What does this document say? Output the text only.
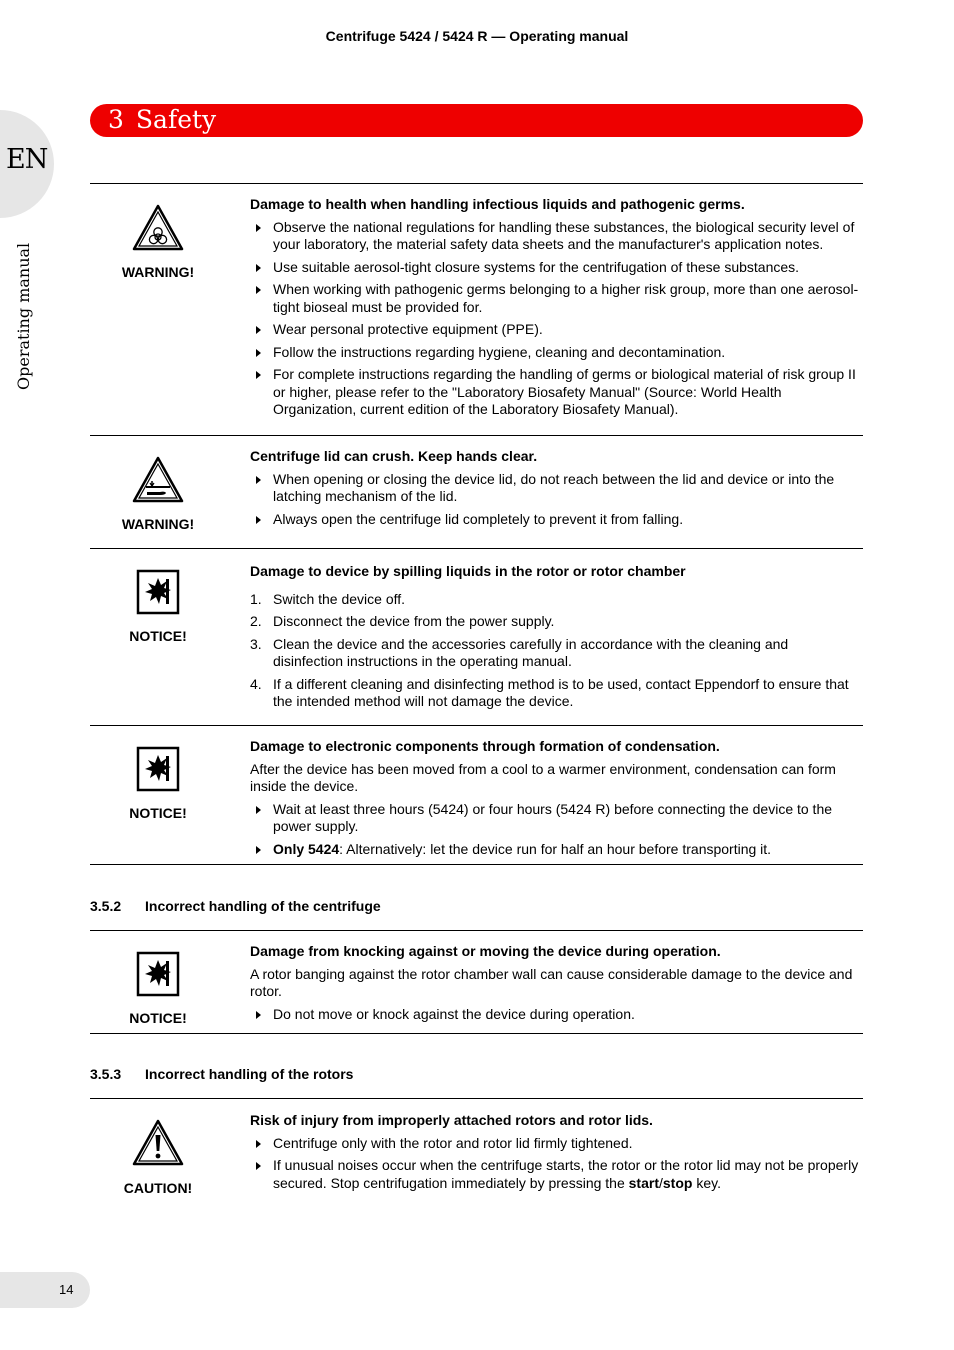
Centrifuge 5424 / 5424 R — Operating manual
EN
Operating manual
3 Safety
WARNING!
Damage to health when handling infectious liquids and pathogenic germs.
Observe the national regulations for handling these substances, the biological security level of your laboratory, the material safety data sheets and the manufacturer's application notes.
Use suitable aerosol-tight closure systems for the centrifugation of these substances.
When working with pathogenic germs belonging to a higher risk group, more than one aerosol-tight bioseal must be provided for.
Wear personal protective equipment (PPE).
Follow the instructions regarding hygiene, cleaning and decontamination.
For complete instructions regarding the handling of germs or biological material of risk group II or higher, please refer to the "Laboratory Biosafety Manual" (Source: World Health Organization, current edition of the Laboratory Biosafety Manual).
WARNING!
Centrifuge lid can crush. Keep hands clear.
When opening or closing the device lid, do not reach between the lid and device or into the latching mechanism of the lid.
Always open the centrifuge lid completely to prevent it from falling.
NOTICE!
Damage to device by spilling liquids in the rotor or rotor chamber
1. Switch the device off.
2. Disconnect the device from the power supply.
3. Clean the device and the accessories carefully in accordance with the cleaning and disinfection instructions in the operating manual.
4. If a different cleaning and disinfecting method is to be used, contact Eppendorf to ensure that the intended method will not damage the device.
NOTICE!
Damage to electronic components through formation of condensation.

After the device has been moved from a cool to a warmer environment, condensation can form inside the device.

Wait at least three hours (5424) or four hours (5424 R) before connecting the device to the power supply.
Only 5424: Alternatively: let the device run for half an hour before transporting it.
3.5.2 Incorrect handling of the centrifuge
NOTICE!
Damage from knocking against or moving the device during operation.

A rotor banging against the rotor chamber wall can cause considerable damage to the device and rotor.

Do not move or knock against the device during operation.
3.5.3 Incorrect handling of the rotors
CAUTION!
Risk of injury from improperly attached rotors and rotor lids.
Centrifuge only with the rotor and rotor lid firmly tightened.
If unusual noises occur when the centrifuge starts, the rotor or the rotor lid may not be properly secured. Stop centrifugation immediately by pressing the start/stop key.
14
